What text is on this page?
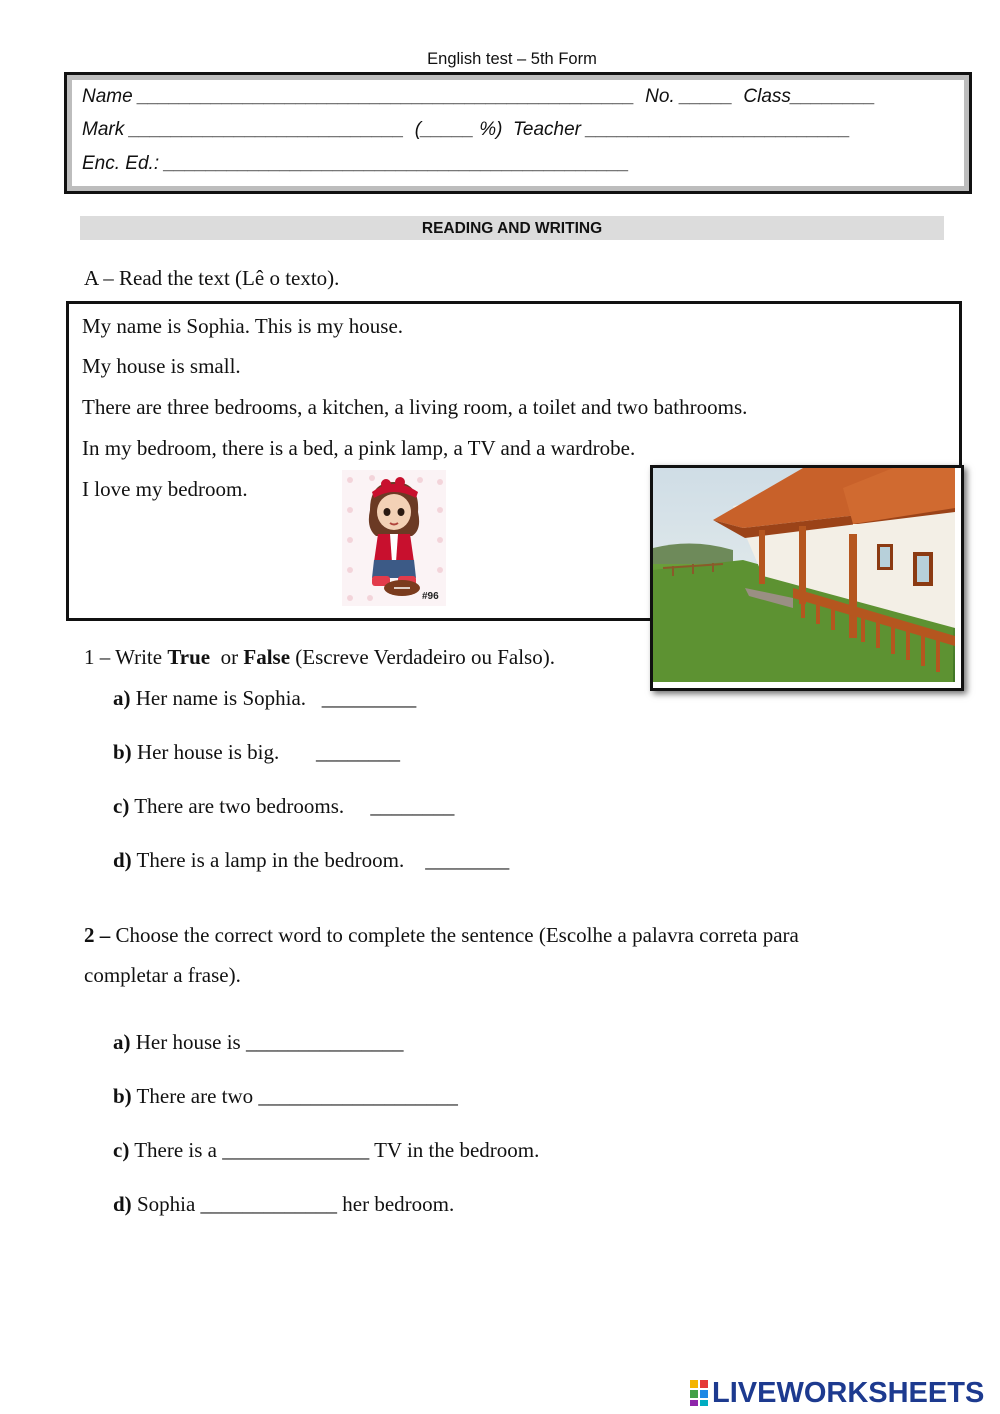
English test – 5th Form
Name _______________________________________________  No. _____  Class________
Mark __________________________  (_____ %)  Teacher _________________________
Enc. Ed.: ____________________________________________
READING AND WRITING
A – Read the text (Lê o texto).
My name is Sophia. This is my house.
My house is small.
There are three bedrooms, a kitchen, a living room, a toilet and two bathrooms.
In my bedroom, there is a bed, a pink lamp, a TV and a wardrobe.
I love my bedroom.
#96
1 – Write True  or False (Escreve Verdadeiro ou Falso).
a) Her name is Sophia.   _________
b) Her house is big.       ________
c) There are two bedrooms.     ________
d) There is a lamp in the bedroom.    ________
2 – Choose the correct word to complete the sentence (Escolhe a palavra correta para
completar a frase).
a) Her house is _______________
b) There are two ___________________
c) There is a ______________ TV in the bedroom.
d) Sophia _____________ her bedroom.
LIVEWORKSHEETS
